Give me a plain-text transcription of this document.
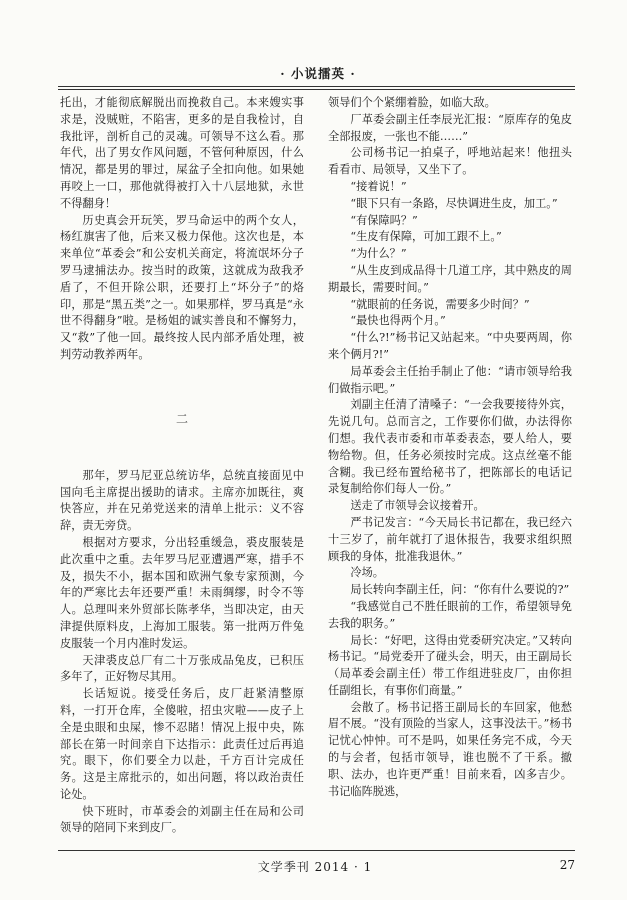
· 小说擂英 ·

托出，才能彻底解脱出而挽救自己。本来嫂实事求是，没贼赃，不陷害，更多的是自我检讨，自我批评，剖析自己的灵魂。可领导不这么看。那年代，出了男女作风问题，不管何种原因，什么情况，都是男的罪过，屎盆子全扣向他。如果她再咬上一口，那他就得被打入十八层地狱，永世不得翻身！

历史真会开玩笑，罗马命运中的两个女人，杨红旗害了他，后来又极力保他。这次也是，本来单位“革委会”和公安机关商定，将流氓坏分子罗马逮捕法办。按当时的政策，这就成为敌我矛盾了，不但开除公职，还要打上“坏分子”的烙印，那是“黑五类”之一。如果那样，罗马真是“永世不得翻身”啦。是杨姐的诚实善良和不懈努力，又“救”了他一回。最终按人民内部矛盾处理，被判劳动教养两年。

二

那年，罗马尼亚总统访华，总统直接面见中国向毛主席提出援助的请求。主席亦加既往，爽快答应，并在兄弟党送来的清单上批示：义不容辞，责无旁贷。

根据对方要求，分出轻重缓急，裘皮服装是此次重中之重。去年罗马尼亚遭遇严寒，措手不及，损失不小，据本国和欧洲气象专家预测，今年的严寒比去年还要严重！未雨绸缪，时令不等人。总理叫来外贸部长陈孝华，当即决定，由天津提供原料皮，上海加工服装。第一批两万件兔皮服装一个月内准时发运。

天津裘皮总厂有二十万张成品兔皮，已积压多年了，正好物尽其用。

长话短说。接受任务后，皮厂赶紧清整原料，一打开仓库，全傻啦，招虫灾啦——皮子上全是虫眼和虫屎，惨不忍睹！情况上报中央，陈部长在第一时间亲自下达指示：此责任过后再追究。眼下，你们要全力以赴，千方百计完成任务。这是主席批示的，如出问题，将以政治责任论处。

快下班时，市革委会的刘副主任在局和公司领导的陪同下来到皮厂。

领导们个个紧绷着脸，如临大敌。

厂革委会副主任李辰光汇报：“原库存的兔皮全部报废，一张也不能……”

公司杨书记一拍桌子，呼地站起来！他扭头看看市、局领导，又坐下了。

“接着说！”

“眼下只有一条路，尽快调进生皮，加工。”

“有保障吗？”

“生皮有保障，可加工跟不上。”

“为什么？”

“从生皮到成品得十几道工序，其中熟皮的周期最长，需要时间。”

“就眼前的任务说，需要多少时间？”

“最快也得两个月。”

“什么?!”杨书记又站起来。“中央要两周，你来个俩月?!”

局革委会主任抬手制止了他：“请市领导给我们做指示吧。”

刘副主任清了清嗓子：“一会我要接待外宾，先说几句。总而言之，工作要你们做，办法得你们想。我代表市委和市革委表态，要人给人，要物给物。但，任务必须按时完成。这点丝毫不能含糊。我已经布置给秘书了，把陈部长的电话记录复制给你们每人一份。”

送走了市领导会议接着开。

严书记发言：“今天局长书记都在，我已经六十三岁了，前年就打了退休报告，我要求组织照顾我的身体，批准我退休。”

冷场。

局长转向李副主任，问：“你有什么要说的?”

“我感觉自己不胜任眼前的工作，希望领导免去我的职务。”

局长：“好吧，这得由党委研究决定。”又转向杨书记。“局党委开了碰头会，明天，由王副局长（局革委会副主任）带工作组进驻皮厂，由你担任副组长，有事你们商量。”

会散了。杨书记搭王副局长的车回家，他愁眉不展。“没有顶险的当家人，这事没法干。”杨书记忧心忡忡。可不是吗，如果任务完不成，今天的与会者，包括市领导，谁也脱不了干系。撤职、法办，也许更严重！目前来看，凶多吉少。书记临阵脱逃，

文学季刊 2014 · 1	27
